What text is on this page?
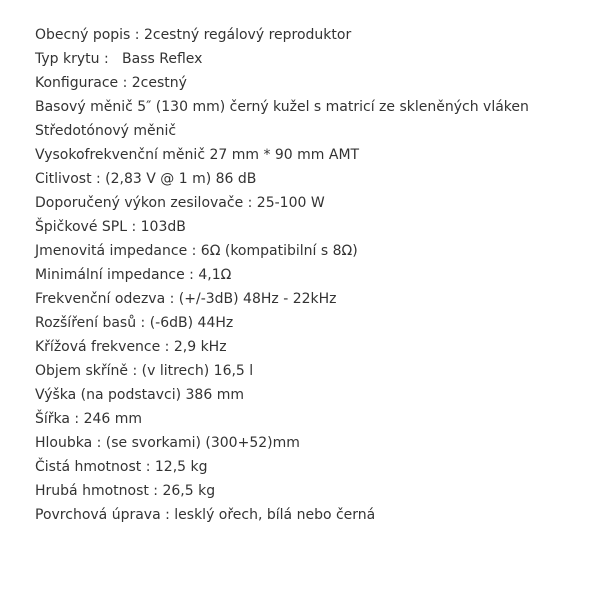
Obecný popis : 2cestný regálový reproduktor
Typ krytu :   Bass Reflex
Konfigurace : 2cestný
Basový měnič 5″ (130 mm) černý kužel s matricí ze skleněných vláken
Středotónový měnič
Vysokofrekvenční měnič 27 mm * 90 mm AMT
Citlivost : (2,83 V @ 1 m) 86 dB
Doporučený výkon zesilovače : 25-100 W
Špičkové SPL : 103dB
Jmenovitá impedance : 6Ω (kompatibilní s 8Ω)
Minimální impedance : 4,1Ω
Frekvenční odezva : (+/-3dB) 48Hz - 22kHz
Rozšíření basů : (-6dB) 44Hz
Křížová frekvence : 2,9 kHz
Objem skříně : (v litrech) 16,5 l
Výška (na podstavci) 386 mm
Šířka : 246 mm
Hloubka : (se svorkami) (300+52)mm
Čistá hmotnost : 12,5 kg
Hrubá hmotnost : 26,5 kg
Povrchová úprava : lesklý ořech, bílá nebo černá
